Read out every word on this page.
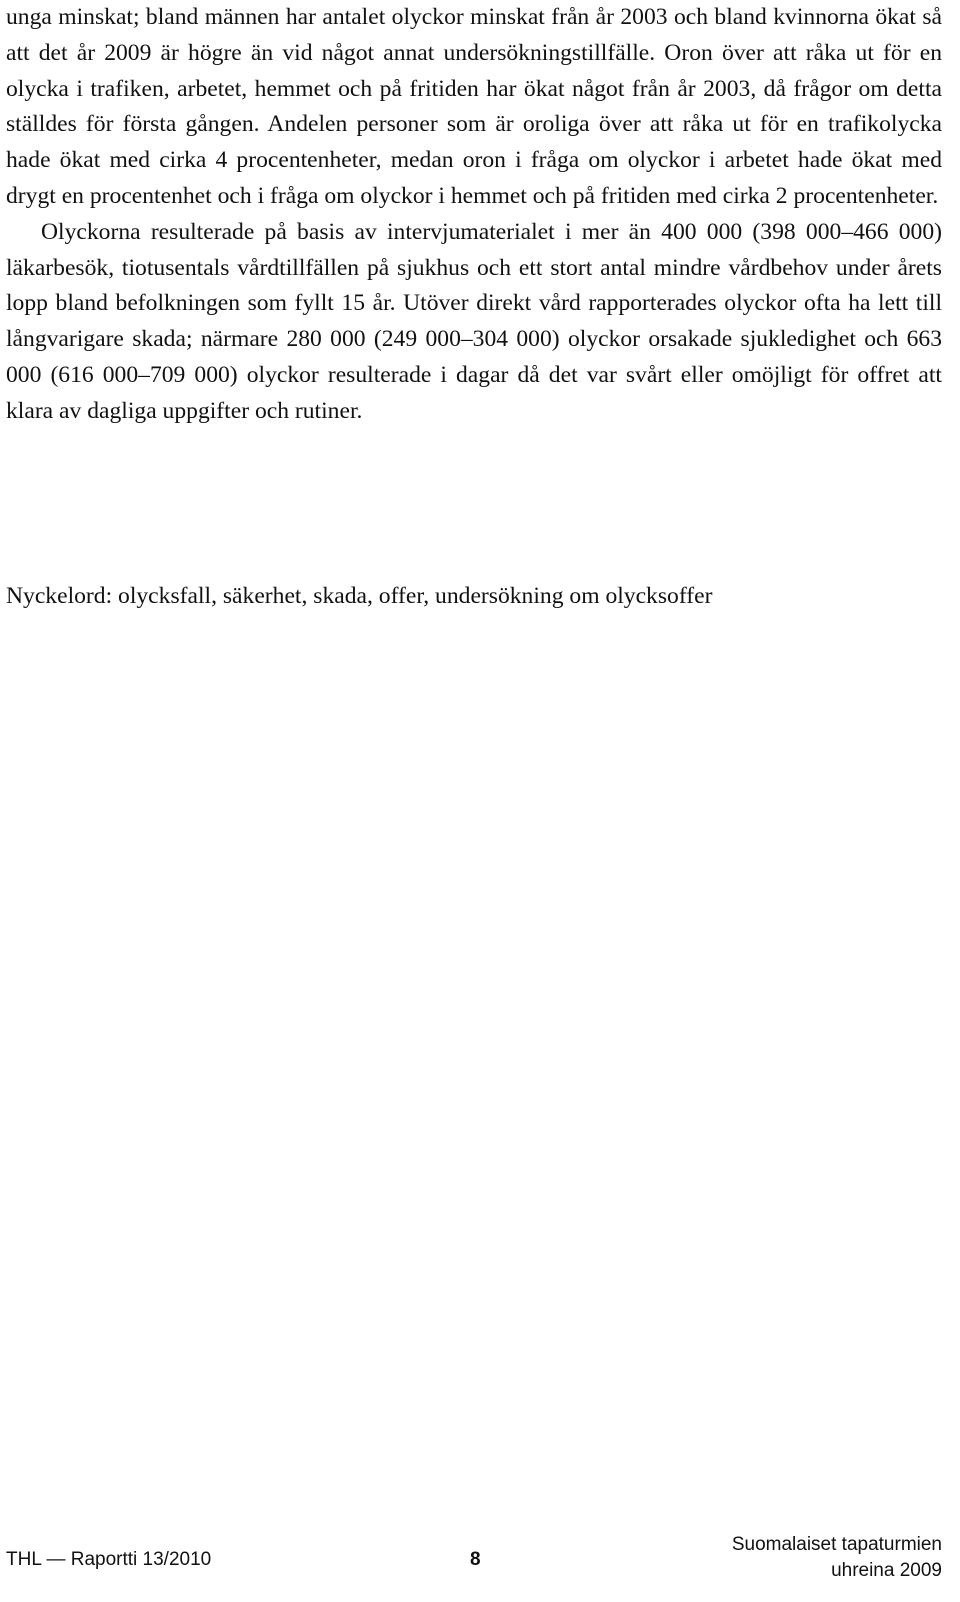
unga minskat; bland männen har antalet olyckor minskat från år 2003 och bland kvinnorna ökat så att det år 2009 är högre än vid något annat undersökningstillfälle. Oron över att råka ut för en olycka i trafiken, arbetet, hemmet och på fritiden har ökat något från år 2003, då frågor om detta ställdes för första gången. Andelen personer som är oroliga över att råka ut för en trafikolycka hade ökat med cirka 4 procentenheter, medan oron i fråga om olyckor i arbetet hade ökat med drygt en procentenhet och i fråga om olyckor i hemmet och på fritiden med cirka 2 procentenheter.

Olyckorna resulterade på basis av intervjumaterialet i mer än 400 000 (398 000–466 000) läkarbesök, tiotusentals vårdtillfällen på sjukhus och ett stort antal mindre vårdbehov under årets lopp bland befolkningen som fyllt 15 år. Utöver direkt vård rapporterades olyckor ofta ha lett till långvarigare skada; närmare 280 000 (249 000–304 000) olyckor orsakade sjukledighet och 663 000 (616 000–709 000) olyckor resulterade i dagar då det var svårt eller omöjligt för offret att klara av dagliga uppgifter och rutiner.

Nyckelord: olycksfall, säkerhet, skada, offer, undersökning om olycksoffer

THL — Raportti 13/2010	8
Suomalaiset tapaturmien
uhreina 2009
